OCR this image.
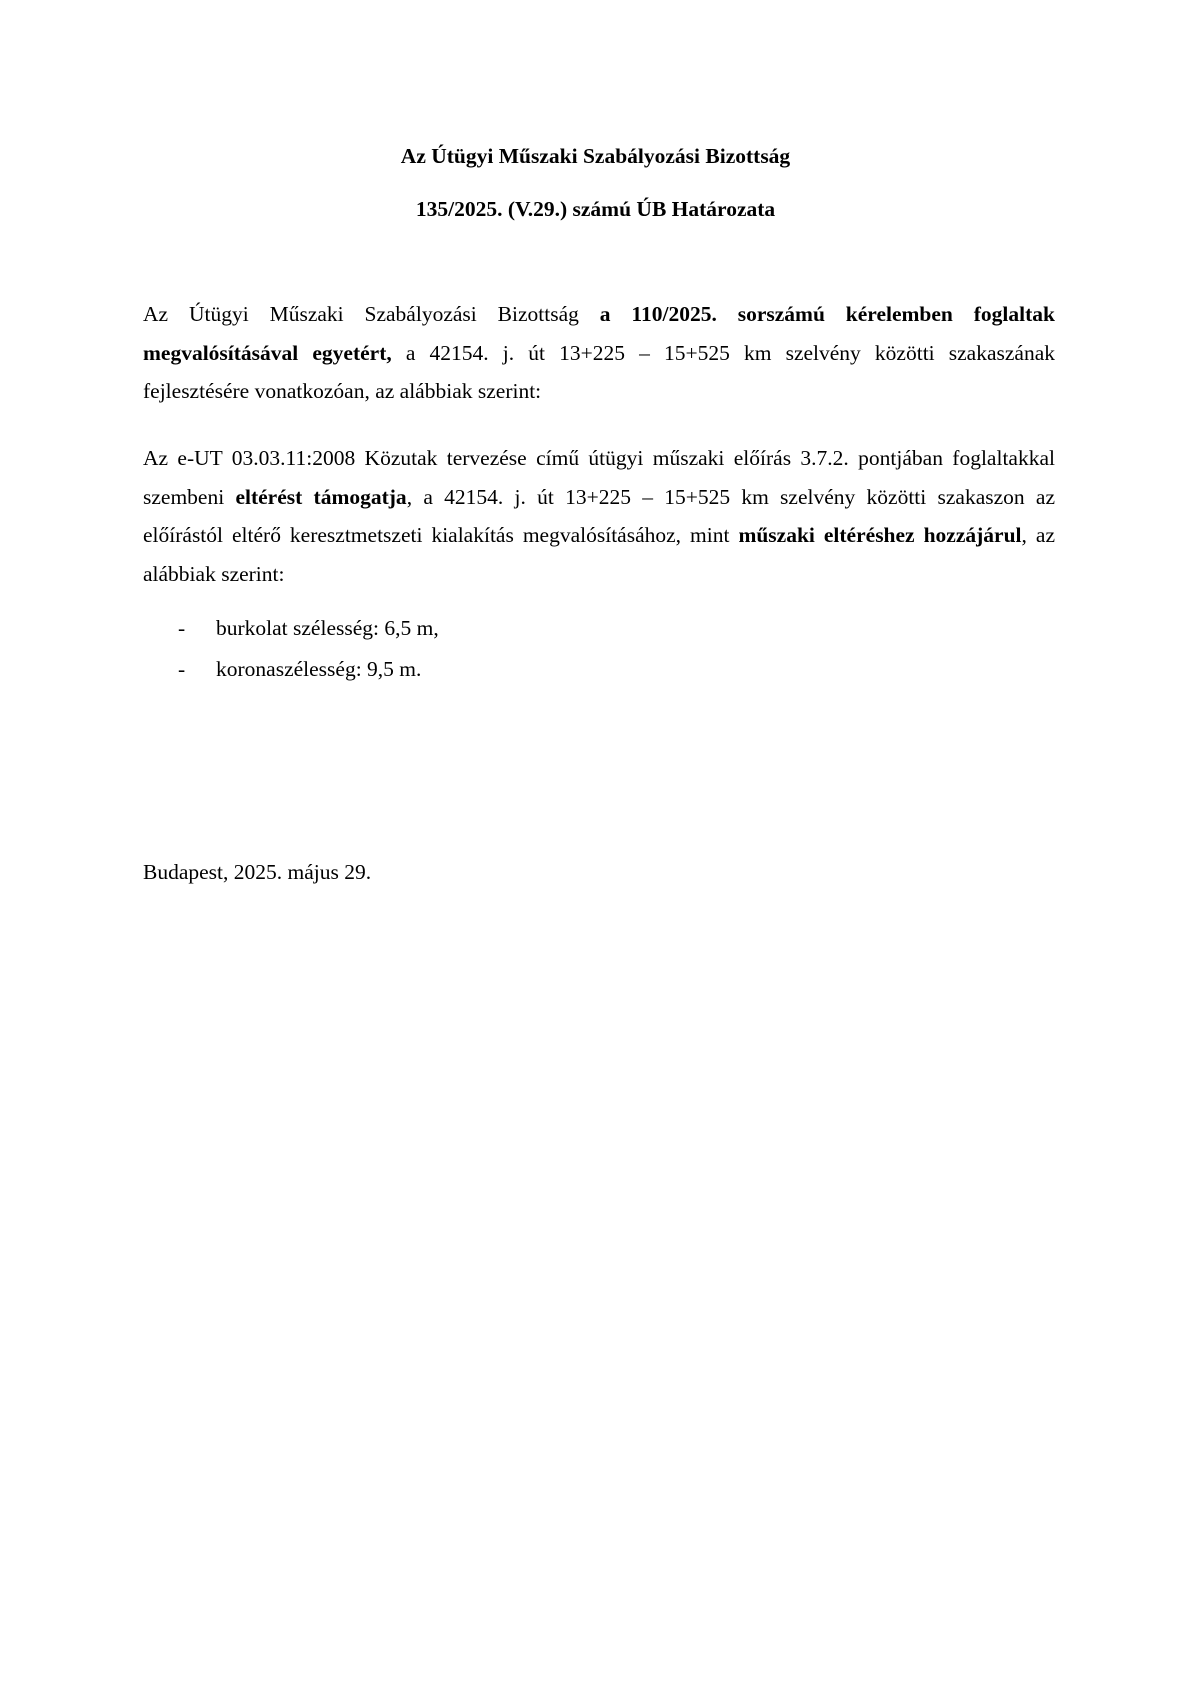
Az Útügyi Műszaki Szabályozási Bizottság

135/2025. (V.29.) számú ÚB Határozata

Az Útügyi Műszaki Szabályozási Bizottság a 110/2025. sorszámú kérelemben foglaltak megvalósításával egyetért, a 42154. j. út 13+225 – 15+525 km szelvény közötti szakaszának fejlesztésére vonatkozóan, az alábbiak szerint:

Az e-UT 03.03.11:2008 Közutak tervezése című útügyi műszaki előírás 3.7.2. pontjában foglaltakkal szembeni eltérést támogatja, a 42154. j. út 13+225 – 15+525 km szelvény közötti szakaszon az előírástól eltérő keresztmetszeti kialakítás megvalósításához, mint műszaki eltéréshez hozzájárul, az alábbiak szerint:

- burkolat szélesség: 6,5 m,
- koronaszélesség: 9,5 m.

Budapest, 2025. május 29.
